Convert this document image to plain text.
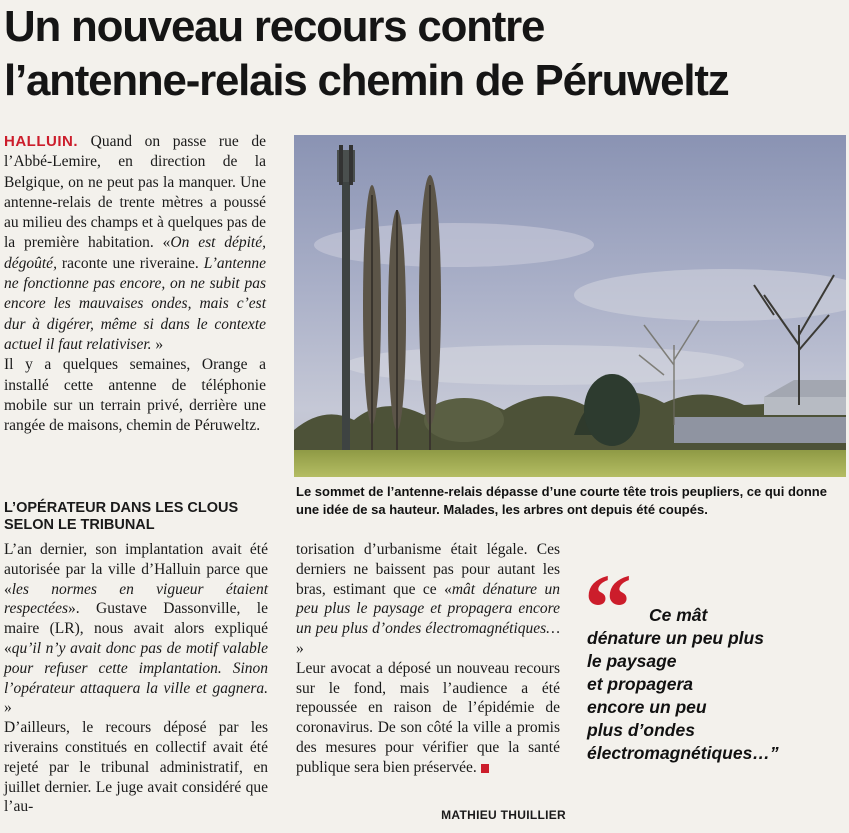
Un nouveau recours contre
l’antenne-relais chemin de Péruweltz

HALLUIN. Quand on passe rue de l’Abbé-Lemire, en direction de la Belgique, on ne peut pas la manquer. Une antenne-relais de trente mètres a poussé au milieu des champs et à quelques pas de la première habitation. «On est dépité, dégoûté, raconte une riveraine. L’antenne ne fonctionne pas encore, on ne subit pas encore les mauvaises ondes, mais c’est dur à digérer, même si dans le contexte actuel il faut relativiser. »

Il y a quelques semaines, Orange a installé cette antenne de téléphonie mobile sur un terrain privé, derrière une rangée de maisons, chemin de Péruweltz.

Le sommet de l’antenne-relais dépasse d’une courte tête trois peupliers, ce qui donne une idée de sa hauteur. Malades, les arbres ont depuis été coupés.
L’OPÉRATEUR DANS LES CLOUS SELON LE TRIBUNAL

L’an dernier, son implantation avait été autorisée par la ville d’Halluin parce que «les normes en vigueur étaient respectées». Gustave Dassonville, le maire (LR), nous avait alors expliqué «qu’il n’y avait donc pas de motif valable pour refuser cette implantation. Sinon l’opérateur attaquera la ville et gagnera. »

D’ailleurs, le recours déposé par les riverains constitués en collectif avait été rejeté par le tribunal administratif, en juillet dernier. Le juge avait considéré que l’au-

torisation d’urbanisme était légale. Ces derniers ne baissent pas pour autant les bras, estimant que ce «mât dénature un peu plus le paysage et propagera encore un peu plus d’ondes électromagnétiques… »

Leur avocat a déposé un nouveau recours sur le fond, mais l’audience a été repoussée en raison de l’épidémie de coronavirus. De son côté la ville a promis des mesures pour vérifier que la santé publique sera bien préservée.

MATHIEU THUILLIER
“ Ce mât
dénature un peu plus
le paysage
et propagera
encore un peu
plus d’ondes
électromagnétiques…”
